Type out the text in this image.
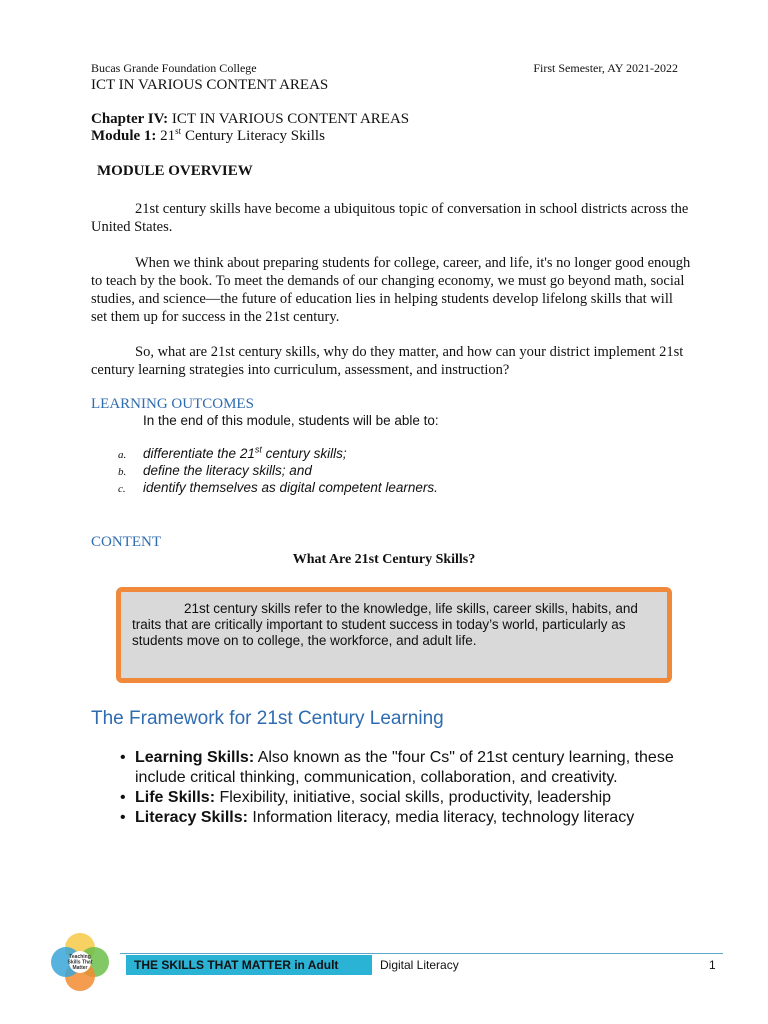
Bucas Grande Foundation College	First Semester, AY 2021-2022
ICT IN VARIOUS CONTENT AREAS
Chapter IV: ICT IN VARIOUS CONTENT AREAS
Module 1: 21st Century Literacy Skills
MODULE OVERVIEW
21st century skills have become a ubiquitous topic of conversation in school districts across the United States.
When we think about preparing students for college, career, and life, it's no longer good enough to teach by the book. To meet the demands of our changing economy, we must go beyond math, social studies, and science—the future of education lies in helping students develop lifelong skills that will set them up for success in the 21st century.
So, what are 21st century skills, why do they matter, and how can your district implement 21st century learning strategies into curriculum, assessment, and instruction?
LEARNING OUTCOMES
In the end of this module, students will be able to:
a. differentiate the 21st century skills;
b. define the literacy skills; and
c. identify themselves as digital competent learners.
CONTENT
What Are 21st Century Skills?
21st century skills refer to the knowledge, life skills, career skills, habits, and traits that are critically important to student success in today’s world, particularly as students move on to college, the workforce, and adult life.
The Framework for 21st Century Learning
• Learning Skills: Also known as the "four Cs" of 21st century learning, these include critical thinking, communication, collaboration, and creativity.
• Life Skills: Flexibility, initiative, social skills, productivity, leadership
• Literacy Skills: Information literacy, media literacy, technology literacy
Teaching
Skills That
Matter	THE SKILLS THAT MATTER in Adult	Digital Literacy	1
